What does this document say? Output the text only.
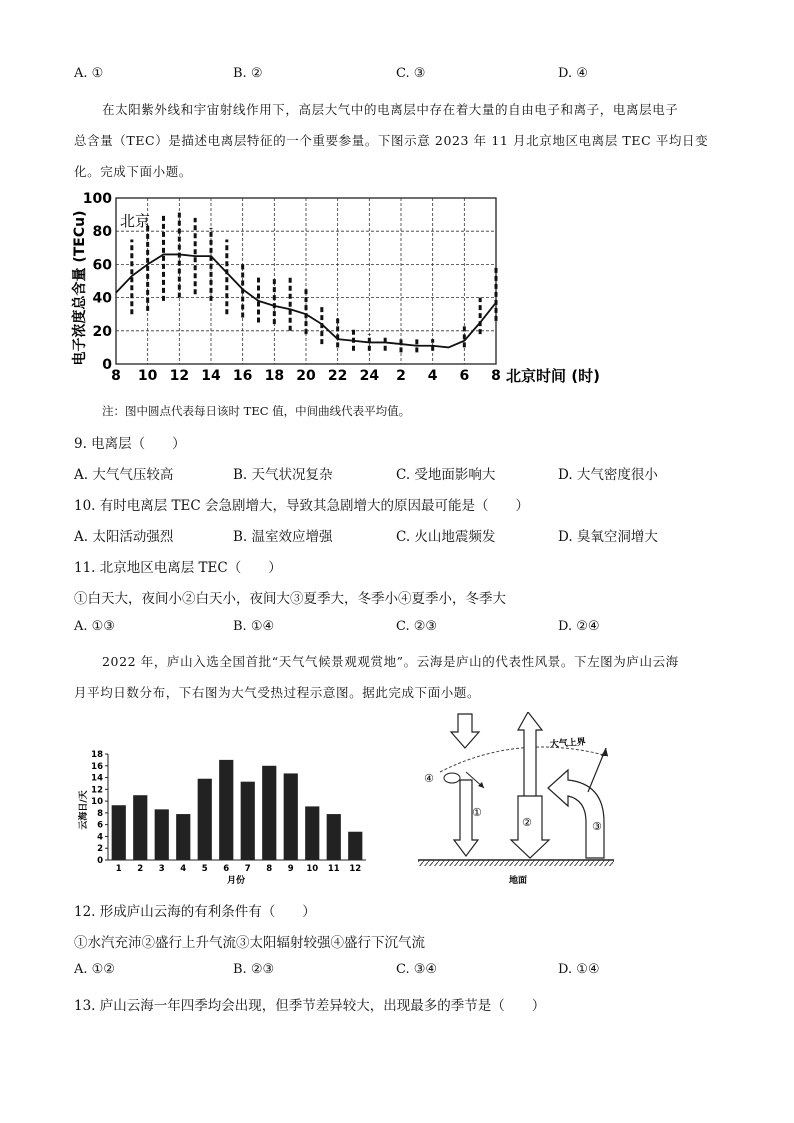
A. ①	B. ②	C. ③	D. ④
在太阳紫外线和宇宙射线作用下，高层大气中的电离层中存在着大量的自由电子和离子，电离层电子
总含量（TEC）是描述电离层特征的一个重要参量。下图示意 2023 年 11 月北京地区电离层 TEC 平均日变
化。完成下面小题。
0
20
40
60
80
100
8 10 12 14 16 18 20 22 24 2 4 6 8
北京
电子浓度总含量 (TECu)
北京时间 (时)
注：图中圆点代表每日该时 TEC 值，中间曲线代表平均值。
9. 电离层（　　）
A. 大气气压较高	B. 天气状况复杂	C. 受地面影响大	D. 大气密度很小
10. 有时电离层 TEC 会急剧增大，导致其急剧增大的原因最可能是（　　）
A. 太阳活动强烈	B. 温室效应增强	C. 火山地震频发	D. 臭氧空洞增大
11. 北京地区电离层 TEC（　　）
①白天大，夜间小②白天小，夜间大③夏季大，冬季小④夏季小，冬季大
A. ①③	B. ①④	C. ②③	D. ②④
2022 年，庐山入选全国首批“天气气候景观观赏地”。云海是庐山的代表性风景。下左图为庐山云海
月平均日数分布，下右图为大气受热过程示意图。据此完成下面小题。
1 2 3 4 5 6 7 8 9 10 11 12
0
2
4
6
8
10
12
14
16
18
云海日/天
月份
大气上界
①
④
②	③
地面
12. 形成庐山云海的有利条件有（　　）
①水汽充沛②盛行上升气流③太阳辐射较强④盛行下沉气流
A. ①②	B. ②③	C. ③④	D. ①④
13. 庐山云海一年四季均会出现，但季节差异较大，出现最多的季节是（　　）
